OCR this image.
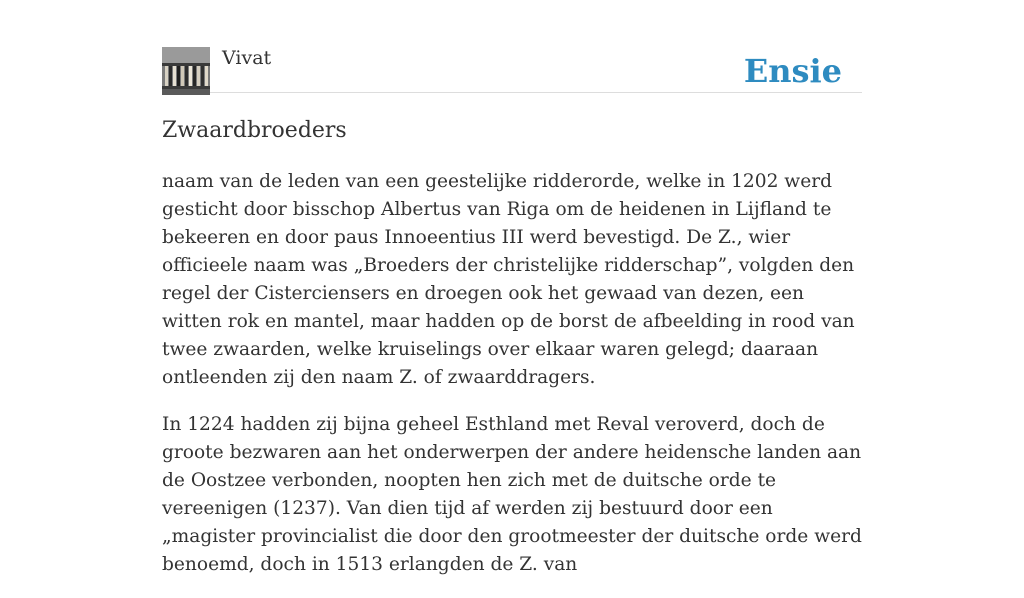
Vivat	Ensie
Zwaardbroeders

naam van de leden van een geestelijke ridderorde, welke in 1202 werd gesticht door bisschop Albertus van Riga om de heidenen in Lijfland te bekeeren en door paus Innoeentius III werd bevestigd. De Z., wier officieele naam was „Broeders der christelijke ridderschap”, volgden den regel der Cisterciensers en droegen ook het gewaad van dezen, een witten rok en mantel, maar hadden op de borst de afbeelding in rood van twee zwaarden, welke kruiselings over elkaar waren gelegd; daaraan ontleenden zij den naam Z. of zwaarddragers.

In 1224 hadden zij bijna geheel Esthland met Reval veroverd, doch de groote bezwaren aan het onderwerpen der andere heidensche landen aan de Oostzee verbonden, noopten hen zich met de duitsche orde te vereenigen (1237). Van dien tijd af werden zij bestuurd door een „magister provincialist die door den grootmeester der duitsche orde werd benoemd, doch in 1513 erlangden de Z. van
